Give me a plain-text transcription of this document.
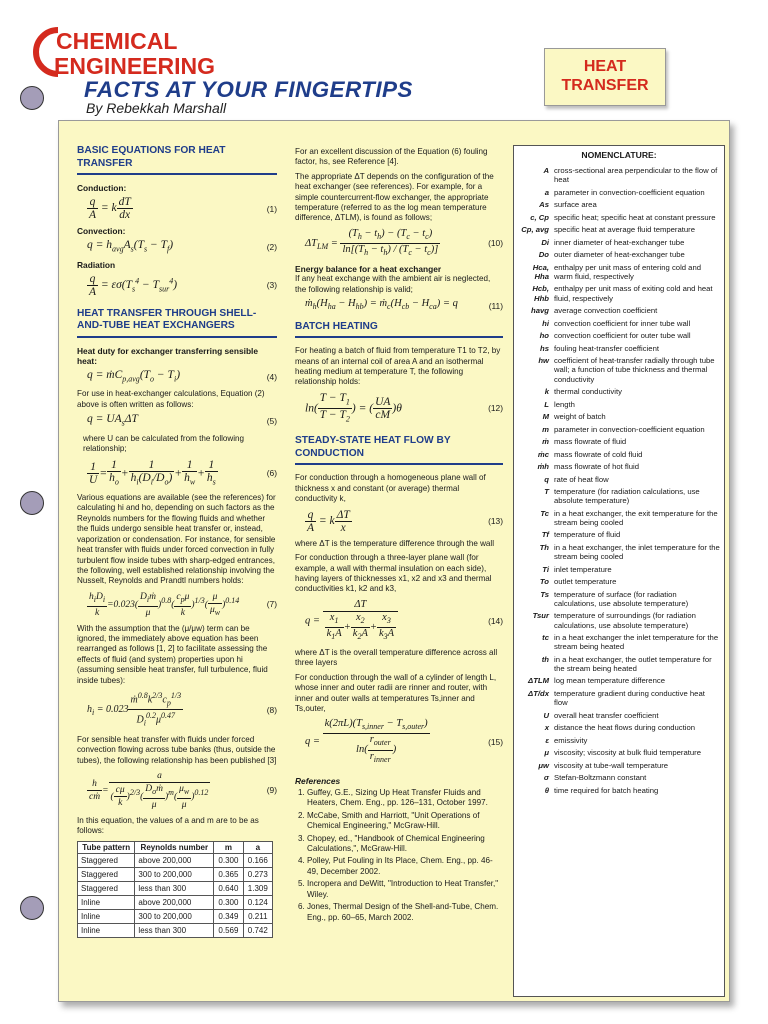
CHEMICAL
ENGINEERING
FACTS AT YOUR FINGERTIPS
By Rebekkah Marshall
HEAT
TRANSFER
BASIC EQUATIONS FOR HEAT TRANSFER
Conduction:
$\frac{q}{A} = k \frac{dT}{dx}$	(1)
Convection:
$q = h_{avg}A_s(T_s - T_f)$	(2)
Radiation
$\frac{q}{A} = \varepsilon\sigma(T_s^4 - T_{sur}^4)$	(3)
HEAT TRANSFER THROUGH SHELL-AND-TUBE HEAT EXCHANGERS
Heat duty for exchanger transferring sensible heat:
$q = ṁC_{p,avg}(T_o - T_i)$	(4)

For use in heat-exchanger calculations, Equation (2) above is often written as follows:

$q = UA_s\Delta T$	(5)

where U can be calculated from the following relationship;

$\frac{1}{U} = \frac{1}{h_o} + \frac{1}{h_i(D_i/D_o)} + \frac{1}{h_w} + \frac{1}{h_s}$	(6)

Various equations are available (see the references) for calculating hi and ho, depending on such factors as the Reynolds numbers for the flowing fluids and whether the fluids undergo sensible heat transfer or, instead, vaporization or condensation. For instance, for sensible heat transfer with fluids under forced convection in fully turbulent flow inside tubes with sharp-edged entrances, the following, well established relationship involving the Nusselt, Reynolds and Prandtl numbers holds:

$\frac{h_iD_i}{k} =0.023( \frac{D_iṁ}{\mu} )^{0.8}( \frac{c_p\mu}{k} )^{1/3}( \frac{\mu}{\mu_w} )^{0.14}$	(7)

With the assumption that the (μ/μw) term can be ignored, the immediately above equation has been rearranged as follows [1, 2] to facilitate assessing the effects of fluid (and system) properties upon hi (assuming sensible heat transfer, full turbulence, fluid inside tubes):

$h_i = 0.023 \frac{ṁ^{0.8}k^{2/3}c_p^{1/3}}{D_i^{0.2}\mu^{0.47}}$	(8)

For sensible heat transfer with fluids under forced convection flowing across tube banks (thus, outside the tubes), the following relationship has been published [3]

$\frac{h}{\text{cṁ}} = \frac{a}{( \frac{c\mu}{k} )^{2/3}( \frac{D_oṁ}{\mu} )^m( \frac{\mu_w}{\mu} )^{0.12}}$	(9)

In this equation, the values of a and m are to be as follows:

Tube pattern	Reynolds number	m	a
Staggered	above 200,000	0.300	0.166
Staggered	300 to 200,000	0.365	0.273
Staggered	less than 300	0.640	1.309
Inline	above 200,000	0.300	0.124
Inline	300 to 200,000	0.349	0.211
Inline	less than 300	0.569	0.742

For an excellent discussion of the Equation (6) fouling factor, hs, see Reference [4].

The appropriate ΔT depends on the configuration of the heat exchanger (see references). For example, for a simple countercurrent-flow exchanger, the appropriate temperature (referred to as the log mean temperature difference, ΔTLM), is found as follows;

$\Delta T_{LM} = \frac{(T_h - t_h) - (T_c - t_c)}{\ln[(T_h - t_h) / (T_c - t_c)]}$	(10)
Energy balance for a heat exchanger

If any heat exchange with the ambient air is neglected, the following relationship is valid;

$ṁ_h(H_{ha} - H_{hb})$ = $ṁ_c(H_{cb} - H_{ca}) = q$	(11)
BATCH HEATING

For heating a batch of fluid from temperature T1 to T2, by means of an internal coil of area A and an isothermal heating medium at temperature T, the following relationship holds:

$\ln( \frac{T - T_1}{T - T_2}$ ) = ( $\frac{UA}{cM} )\theta$	(12)
STEADY-STATE HEAT FLOW BY CONDUCTION

For conduction through a homogeneous plane wall of thickness x and constant (or average) thermal conductivity k,

$\frac{q}{A} = k \frac{\Delta T}{x}$	(13)

where ΔT is the temperature difference through the wall

For conduction through a three-layer plane wall (for example, a wall with thermal insulation on each side), having layers of thicknesses x1, x2 and x3 and thermal conductivities k1, k2 and k3,

$q = \frac{\Delta T}{\frac{x_1}{k_1A} + \frac{x_2}{k_2A} + \frac{x_3}{k_3A}}$	(14)

where ΔT is the overall temperature difference across all three layers

For conduction through the wall of a cylinder of length L, whose inner and outer radii are rinner and router, with inner and outer walls at temperatures Ts,inner and Ts,outer,

$q = \frac{k(2\pi L)(T_{s,inner} - T_{s,outer})}{\ln( \frac{r_{outer}}{r_{inner}} )}$	(15)
References
1. Guffey, G.E., Sizing Up Heat Transfer Fluids and Heaters, Chem. Eng., pp. 126–131, October 1997.
2. McCabe, Smith and Harriott, "Unit Operations of Chemical Engineering," McGraw-Hill.
3. Chopey, ed., "Handbook of Chemical Engineering Calculations,", McGraw-Hill.
4. Polley, Put Fouling in Its Place, Chem. Eng., pp. 46-49, December 2002.
5. Incropera and DeWitt, "Introduction to Heat Transfer," Wiley.
6. Jones, Thermal Design of the Shell-and-Tube, Chem. Eng., pp. 60–65, March 2002.
NOMENCLATURE:
A cross-sectional area perpendicular to the flow of heat
a parameter in convection-coefficient equation
As surface area
c, Cp specific heat; specific heat at constant pressure
Cp, avg specific heat at average fluid temperature
Di inner diameter of heat-exchanger tube
Do outer diameter of heat-exchanger tube
Hca, Hha
enthalpy per unit mass of entering cold and warm fluid, respectively
Hcb, Hhb
enthalpy per unit mass of exiting cold and heat fluid, respectively
havg average convection coefficient
hi convection coefficient for inner tube wall
ho convection coefficient for outer tube wall
hs fouling heat-transfer coefficient
hw coefficient of heat-transfer radially through tube wall; a function of tube thickness and thermal conductivity
k thermal conductivity
L length
M weight of batch
m parameter in convection-coefficient equation
ṁ mass flowrate of fluid
ṁc mass flowrate of cold fluid
ṁh mass flowrate of hot fluid
q rate of heat flow
T temperature (for radiation calculations, use absolute temperature)
Tc in a heat exchanger, the exit temperature for the stream being cooled
Tf temperature of fluid
Th in a heat exchanger, the inlet temperature for the stream being cooled
Ti inlet temperature
To outlet temperature
Ts temperature of surface (for radiation calculations, use absolute temperature)
Tsur temperature of surroundings (for radiation calculations, use absolute temperature)
tc in a heat exchanger the inlet temperature for the stream being heated
th in a heat exchanger, the outlet temperature for the stream being heated
ΔTLM log mean temperature difference
ΔT/dx temperature gradient during conductive heat flow
U overall heat transfer coefficient
x distance the heat flows during conduction
ε emissivity
μ viscosity; viscosity at bulk fluid temperature
μw viscosity at tube-wall temperature
σ Stefan-Boltzmann constant
θ time required for batch heating
